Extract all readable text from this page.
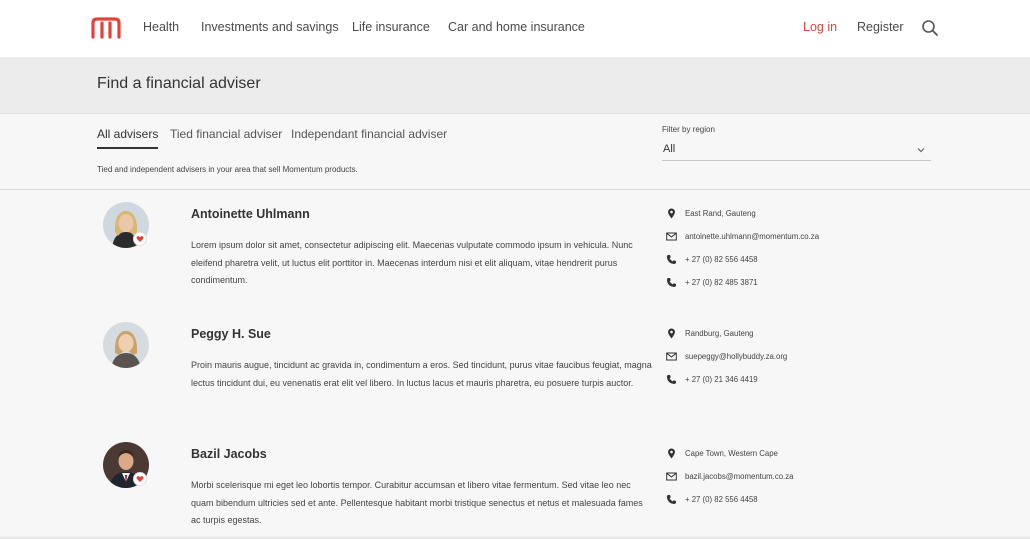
Health Investments and savings Life insurance Car and home insurance	Log in Register
Find a financial adviser
All advisers Tied financial adviser Independant financial adviser
Tied and independent advisers in your area that sell Momentum products.
Filter by region
All
Antoinette Uhlmann

Lorem ipsum dolor sit amet, consectetur adipiscing elit. Maecenas vulputate commodo ipsum in vehicula. Nunc eleifend pharetra velit, ut luctus elit porttitor in. Maecenas interdum nisi et elit aliquam, vitae hendrerit purus condimentum.

East Rand, Gauteng
antoinette.uhlmann@momentum.co.za
+ 27 (0) 82 556 4458
+ 27 (0) 82 485 3871
Peggy H. Sue

Proin mauris augue, tincidunt ac gravida in, condimentum a eros. Sed tincidunt, purus vitae faucibus feugiat, magna lectus tincidunt dui, eu venenatis erat elit vel libero. In luctus lacus et mauris pharetra, eu posuere turpis auctor.

Randburg, Gauteng
suepeggy@hollybuddy.za.org
+ 27 (0) 21 346 4419
Bazil Jacobs

Morbi scelerisque mi eget leo lobortis tempor. Curabitur accumsan et libero vitae fermentum. Sed vitae leo nec quam bibendum ultricies sed et ante. Pellentesque habitant morbi tristique senectus et netus et malesuada fames ac turpis egestas.

Cape Town, Western Cape
bazil.jacobs@momentum.co.za
+ 27 (0) 82 556 4458
